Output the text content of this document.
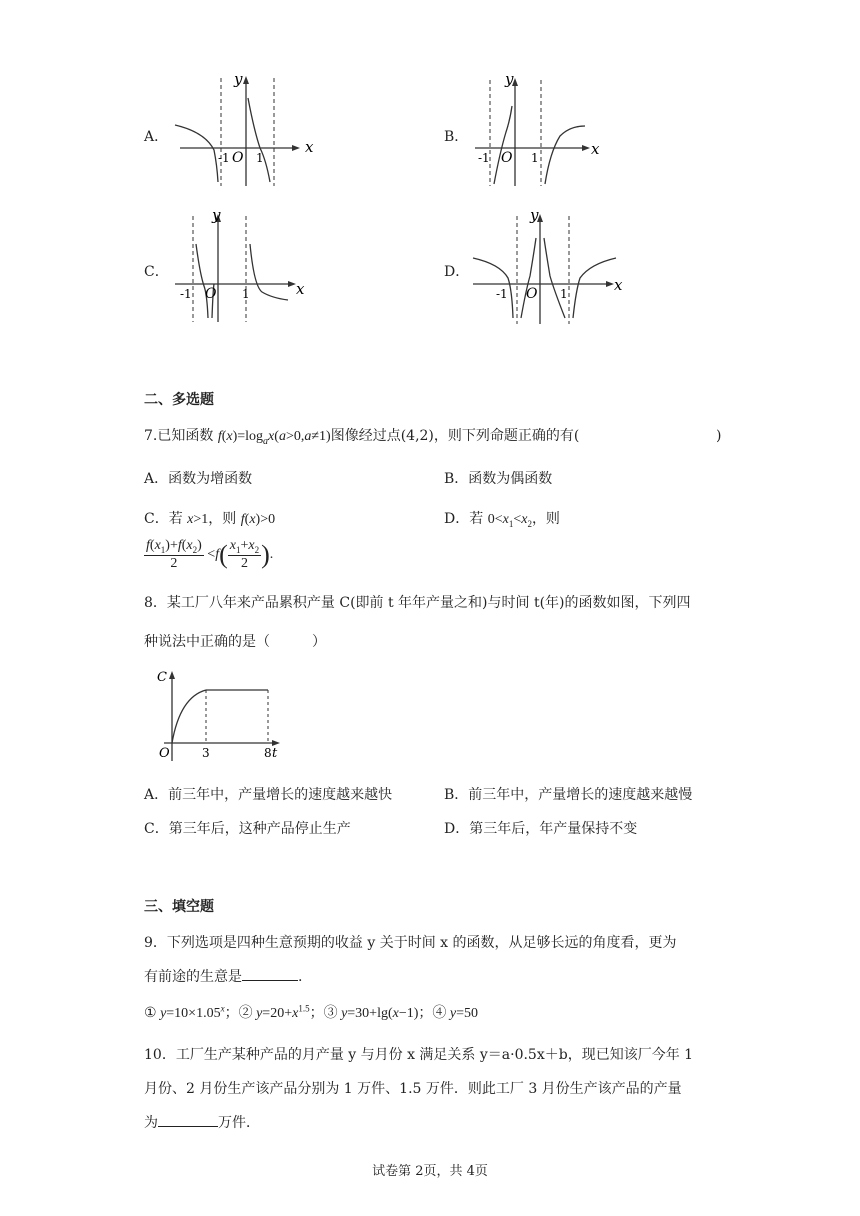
A．
x
y
O
-1 1
B．
x
y
O
-1	1
C．
x
y
O
-1	1
D．
x
y
O
-1	1
二、多选题
7.已知函数 $f(x)=\log_ax(a>0,a\ne 1)$图像经过点(4,2)，则下列命题正确的有(	)
A．函数为增函数	B．函数为偶函数
C．若 x>1，则 f(x)>0	D．若 $0<x_1<x_2$，则
$\frac{f(x_1)+f(x_2)}{2} <f( \frac{x_1+x_2}{2}$ ).
8．某工厂八年来产品累积产量 C(即前 t 年年产量之和)与时间 t(年)的函数如图，下列四
种说法中正确的是（　　　）
C
O	3	8 t
A．前三年中，产量增长的速度越来越快	B．前三年中，产量增长的速度越来越慢
C．第三年后，这种产品停止生产	D．第三年后，年产量保持不变
三、填空题
9．下列选项是四种生意预期的收益 y 关于时间 x 的函数，从足够长远的角度看，更为
有前途的生意是	.
① $y=10\times 1.05^x$；② $y=20+x^{1.5}$；③ y=30+lg(x−1)；④ y=50
10．工厂生产某种产品的月产量 y 与月份 x 满足关系 y＝a·0.5x＋b，现已知该厂今年 1
月份、2 月份生产该产品分别为 1 万件、1.5 万件．则此工厂 3 月份生产该产品的产量
为	万件．
试卷第 2页，共 4页
